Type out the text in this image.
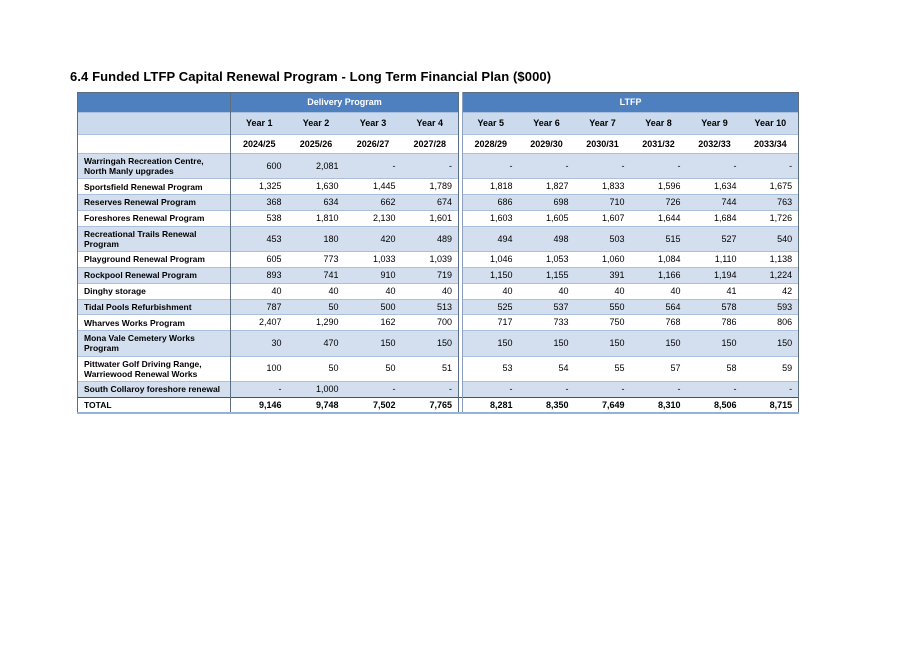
6.4 Funded LTFP Capital Renewal Program - Long Term Financial Plan ($000)
	Delivery Program					LTFP					
	Year 1	Year 2	Year 3	Year 4		Year 5	Year 6	Year 7	Year 8	Year 9	Year 10
	2024/25	2025/26	2026/27	2027/28		2028/29	2029/30	2030/31	2031/32	2032/33	2033/34
Warringah Recreation Centre, North Manly upgrades	600	2,081	-	-		-	-	-	-	-	-
Sportsfield Renewal Program	1,325	1,630	1,445	1,789		1,818	1,827	1,833	1,596	1,634	1,675
Reserves Renewal Program	368	634	662	674		686	698	710	726	744	763
Foreshores Renewal Program	538	1,810	2,130	1,601		1,603	1,605	1,607	1,644	1,684	1,726
Recreational Trails Renewal Program	453	180	420	489		494	498	503	515	527	540
Playground Renewal Program	605	773	1,033	1,039		1,046	1,053	1,060	1,084	1,110	1,138
Rockpool Renewal Program	893	741	910	719		1,150	1,155	391	1,166	1,194	1,224
Dinghy storage	40	40	40	40		40	40	40	40	41	42
Tidal Pools Refurbishment	787	50	500	513		525	537	550	564	578	593
Wharves Works Program	2,407	1,290	162	700		717	733	750	768	786	806
Mona Vale Cemetery Works Program	30	470	150	150		150	150	150	150	150	150
Pittwater Golf Driving Range, Warriewood Renewal Works	100	50	50	51		53	54	55	57	58	59
South Collaroy foreshore renewal	-	1,000	-	-		-	-	-	-	-	-
TOTAL	9,146	9,748	7,502	7,765		8,281	8,350	7,649	8,310	8,506	8,715
